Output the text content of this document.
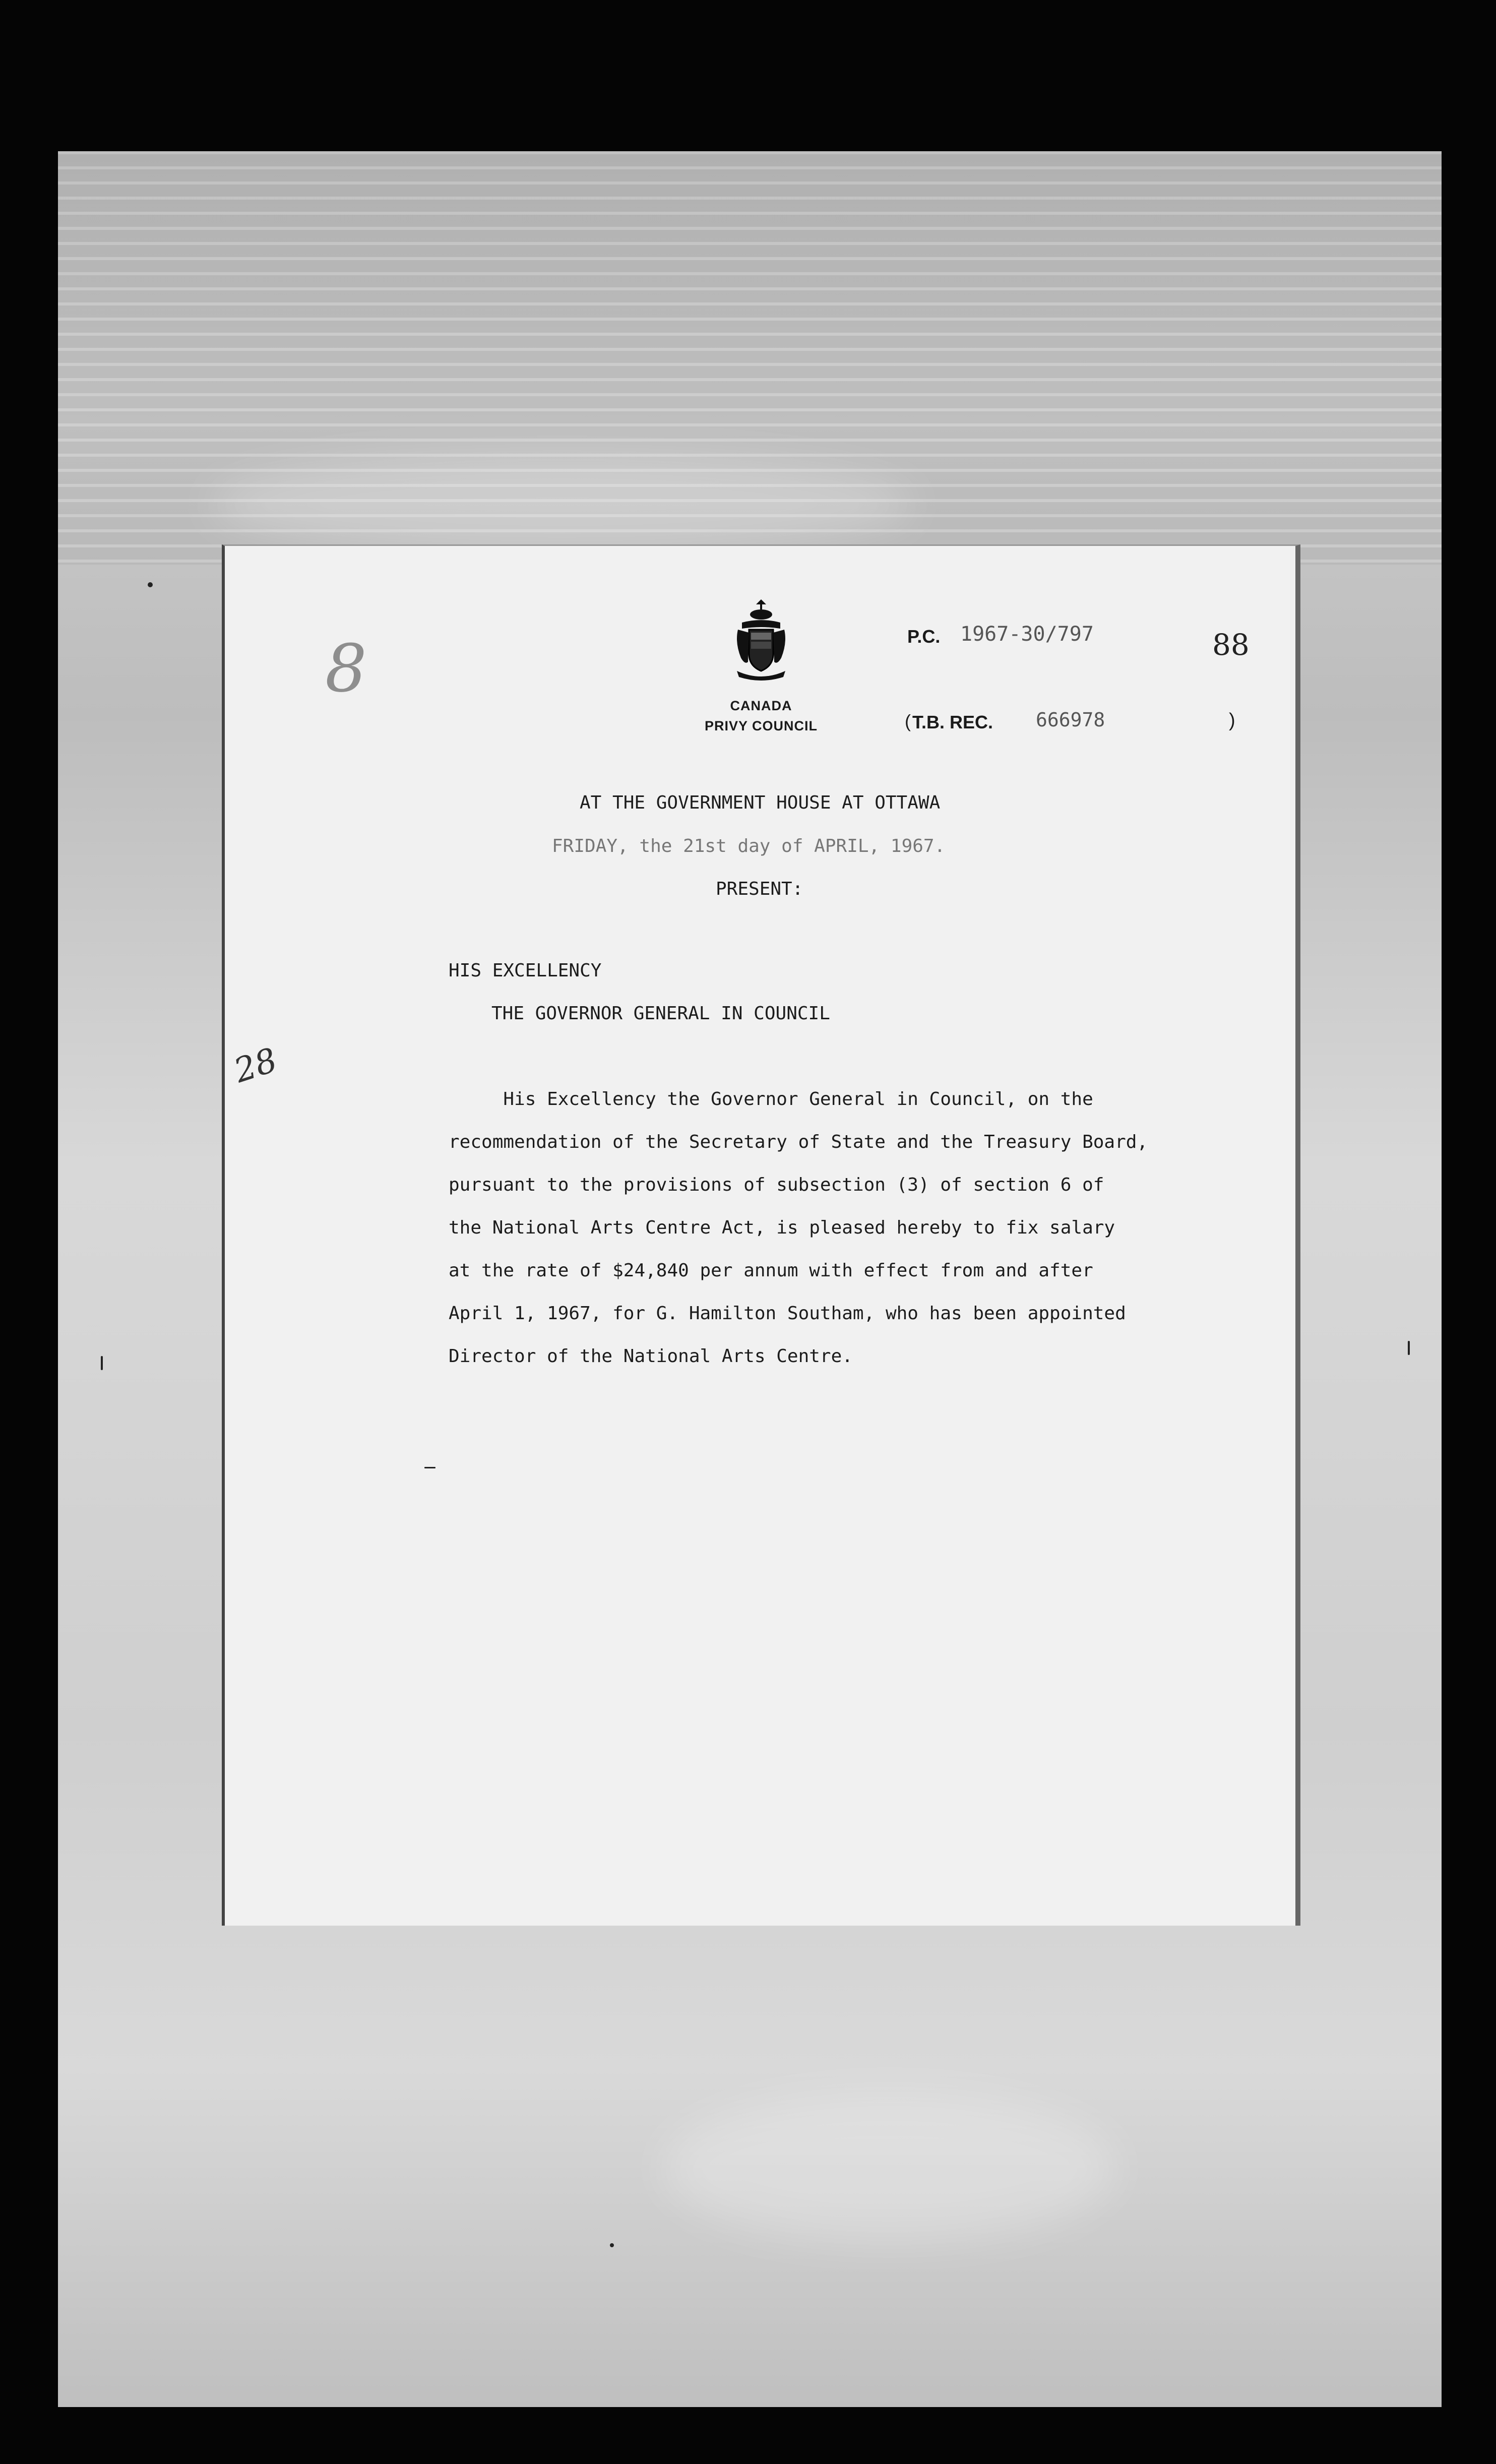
CANADA
PRIVY COUNCIL
P.C. 1967-30/797	88
( T.B. REC. 666978	)
8
28
AT THE GOVERNMENT HOUSE AT OTTAWA
FRIDAY, the 21st day of APRIL, 1967.
PRESENT:
HIS EXCELLENCY
THE GOVERNOR GENERAL IN COUNCIL
His Excellency the Governor General in Council, on the
recommendation of the Secretary of State and the Treasury Board,
pursuant to the provisions of subsection (3) of section 6 of
the National Arts Centre Act, is pleased hereby to fix salary
at the rate of $24,840 per annum with effect from and after
April 1, 1967, for G. Hamilton Southam, who has been appointed
Director of the National Arts Centre.
